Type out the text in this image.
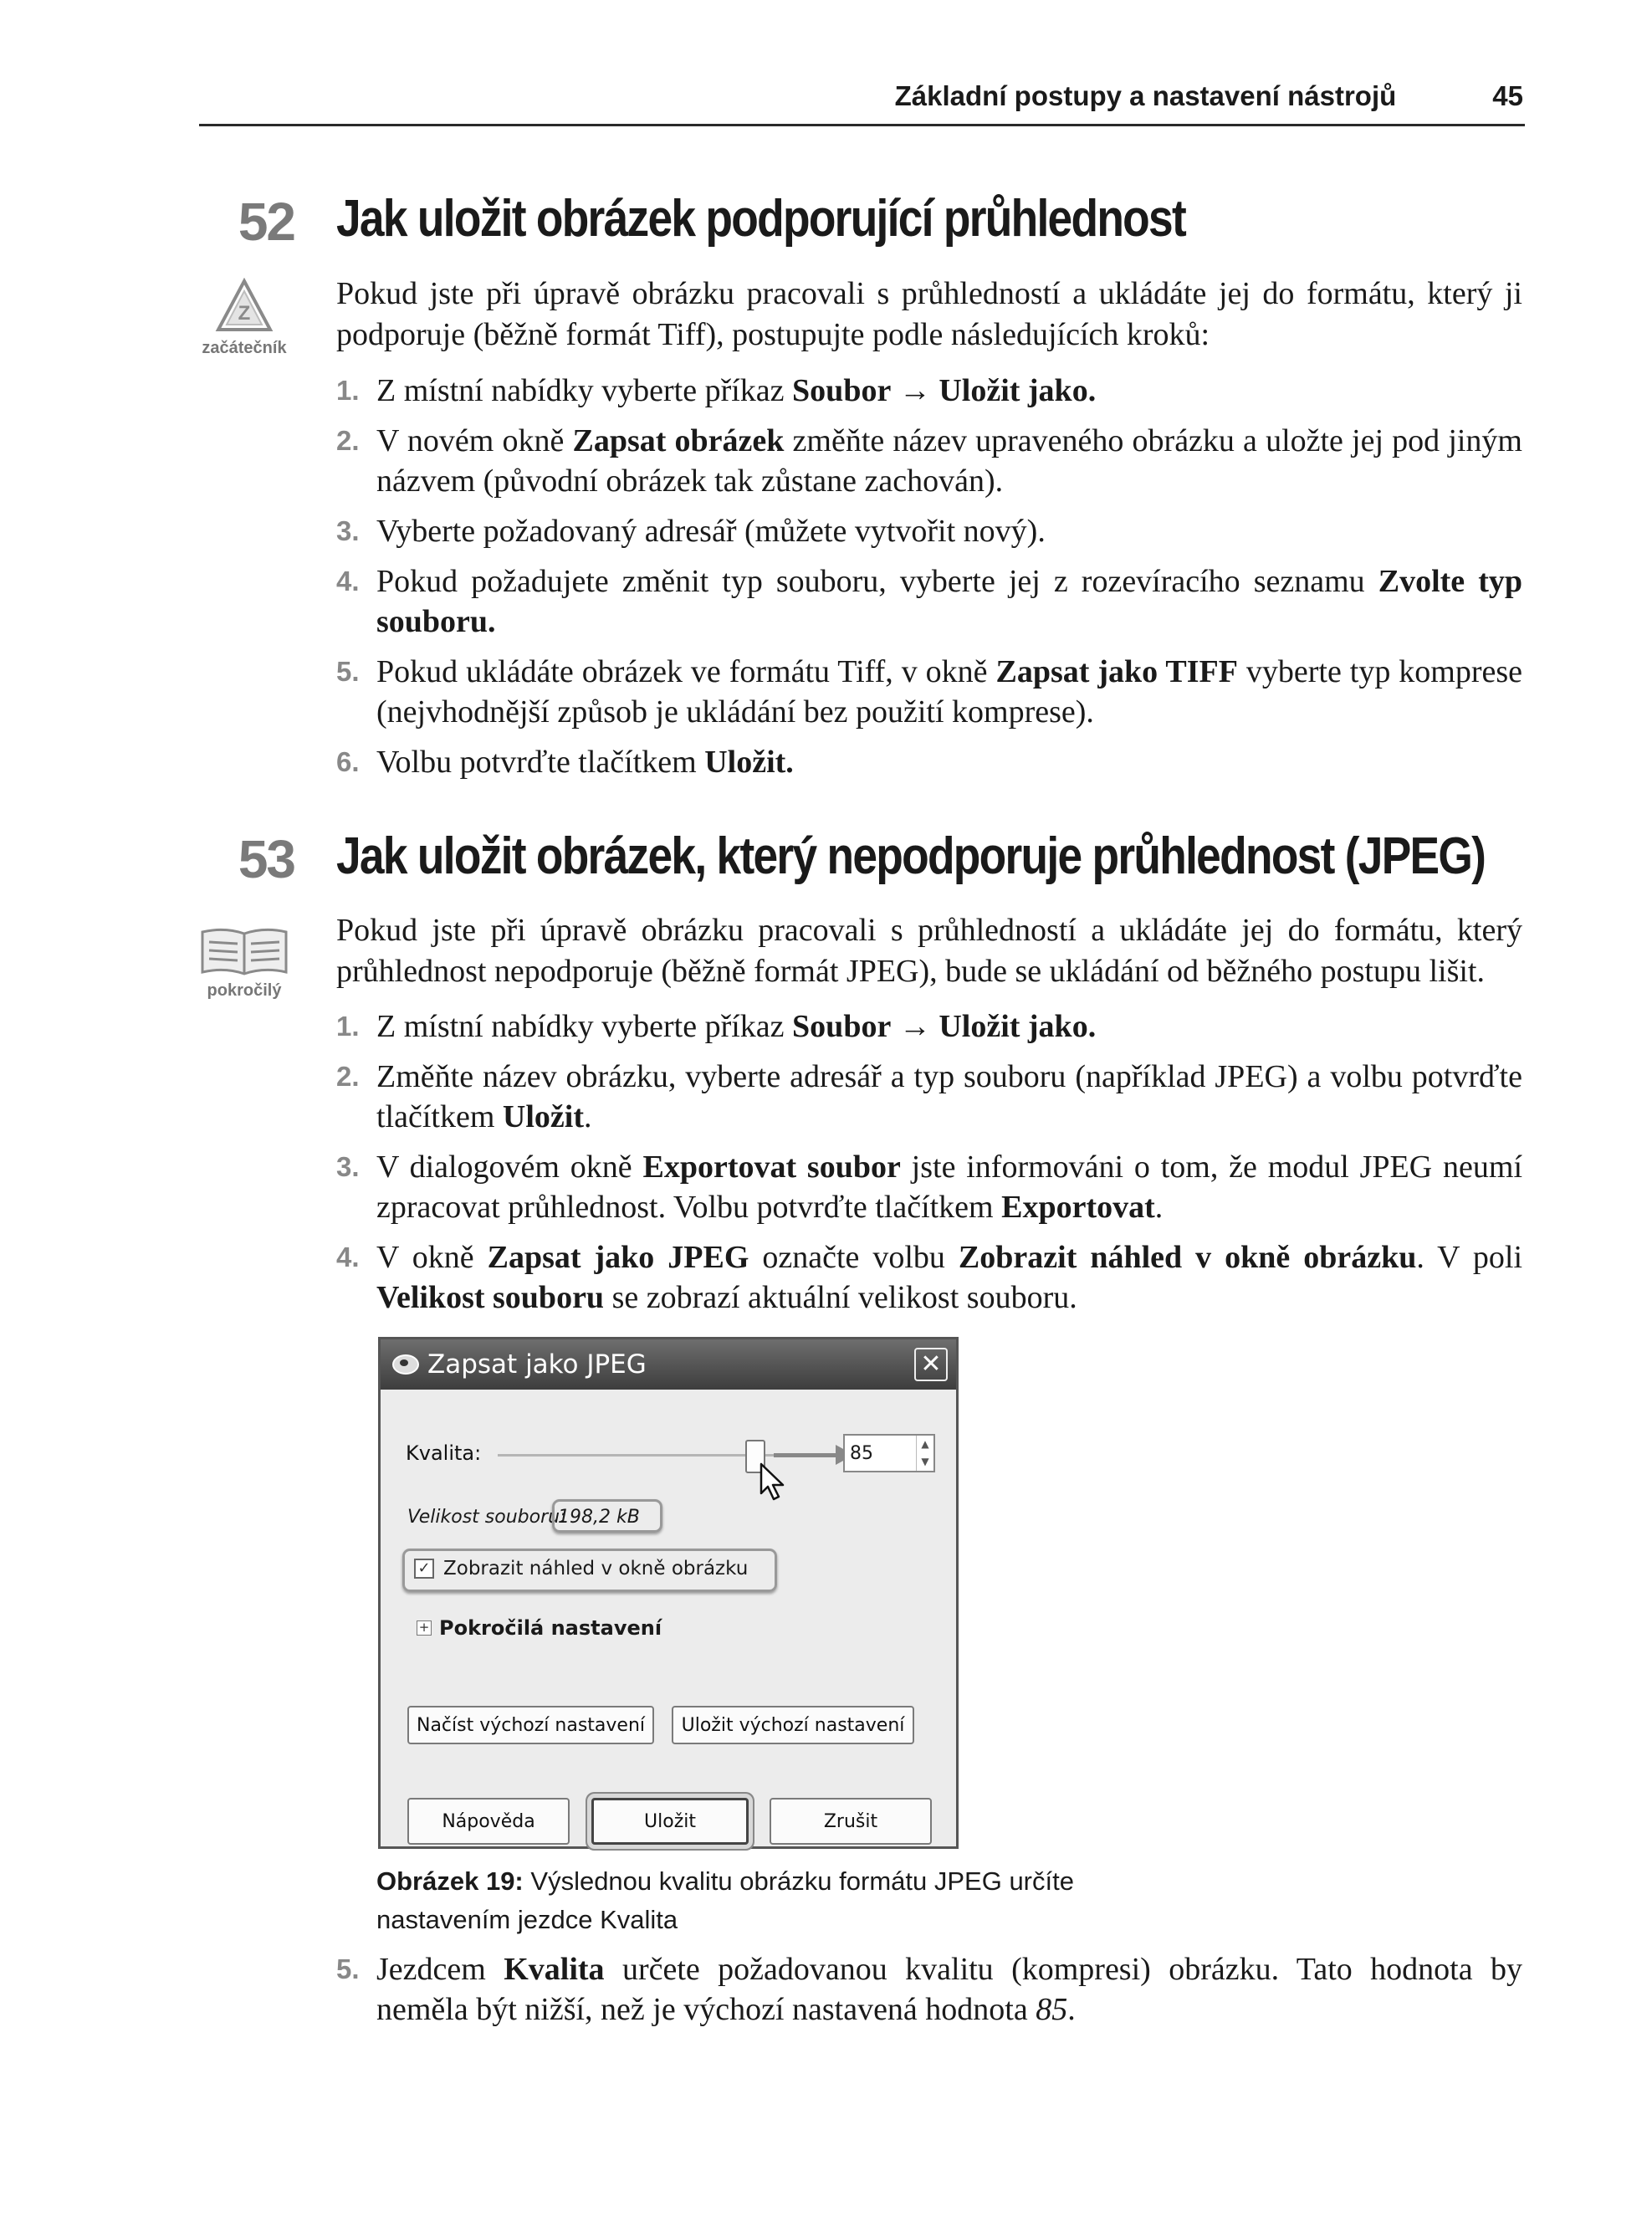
Základní postupy a nastavení nástrojů	45
52 Jak uložit obrázek podporující průhlednost
Z
začátečník

Pokud jste při úpravě obrázku pracovali s průhledností a ukládáte jej do formátu, který ji podporuje (běžně formát Tiff), postupujte podle následujících kroků:

1. Z místní nabídky vyberte příkaz Soubor → Uložit jako.
2. V novém okně Zapsat obrázek změňte název upraveného obrázku a uložte jej pod jiným názvem (původní obrázek tak zůstane zachován).
3. Vyberte požadovaný adresář (můžete vytvořit nový).
4. Pokud požadujete změnit typ souboru, vyberte jej z rozevíracího seznamu Zvolte typ souboru.
5. Pokud ukládáte obrázek ve formátu Tiff, v okně Zapsat jako TIFF vyberte typ komprese (nejvhodnější způsob je ukládání bez použití komprese).
6. Volbu potvrďte tlačítkem Uložit.
53 Jak uložit obrázek, který nepodporuje průhlednost (JPEG)
pokročilý

Pokud jste při úpravě obrázku pracovali s průhledností a ukládáte jej do formátu, který průhlednost nepodporuje (běžně formát JPEG), bude se ukládání od běžného postupu lišit.

1. Z místní nabídky vyberte příkaz Soubor → Uložit jako.
2. Změňte název obrázku, vyberte adresář a typ souboru (například JPEG) a volbu potvrďte tlačítkem Uložit.
3. V dialogovém okně Exportovat soubor jste informováni o tom, že modul JPEG neumí zpracovat průhlednost. Volbu potvrďte tlačítkem Exportovat.
4. V okně Zapsat jako JPEG označte volbu Zobrazit náhled v okně obrázku. V poli Velikost souboru se zobrazí aktuální velikost souboru.
Zapsat jako JPEG	✕
Kvalita:	85	▲
▼
Velikost souboru:
198,2 kB
✓ Zobrazit náhled v okně obrázku
+ Pokročilá nastavení
Načíst výchozí nastavení	Uložit výchozí nastavení
Nápověda	Uložit	Zrušit
Obrázek 19: Výslednou kvalitu obrázku formátu JPEG určíte nastavením jezdce Kvalita
5. Jezdcem Kvalita určete požadovanou kvalitu (kompresi) obrázku. Tato hodnota by neměla být nižší, než je výchozí nastavená hodnota 85.
